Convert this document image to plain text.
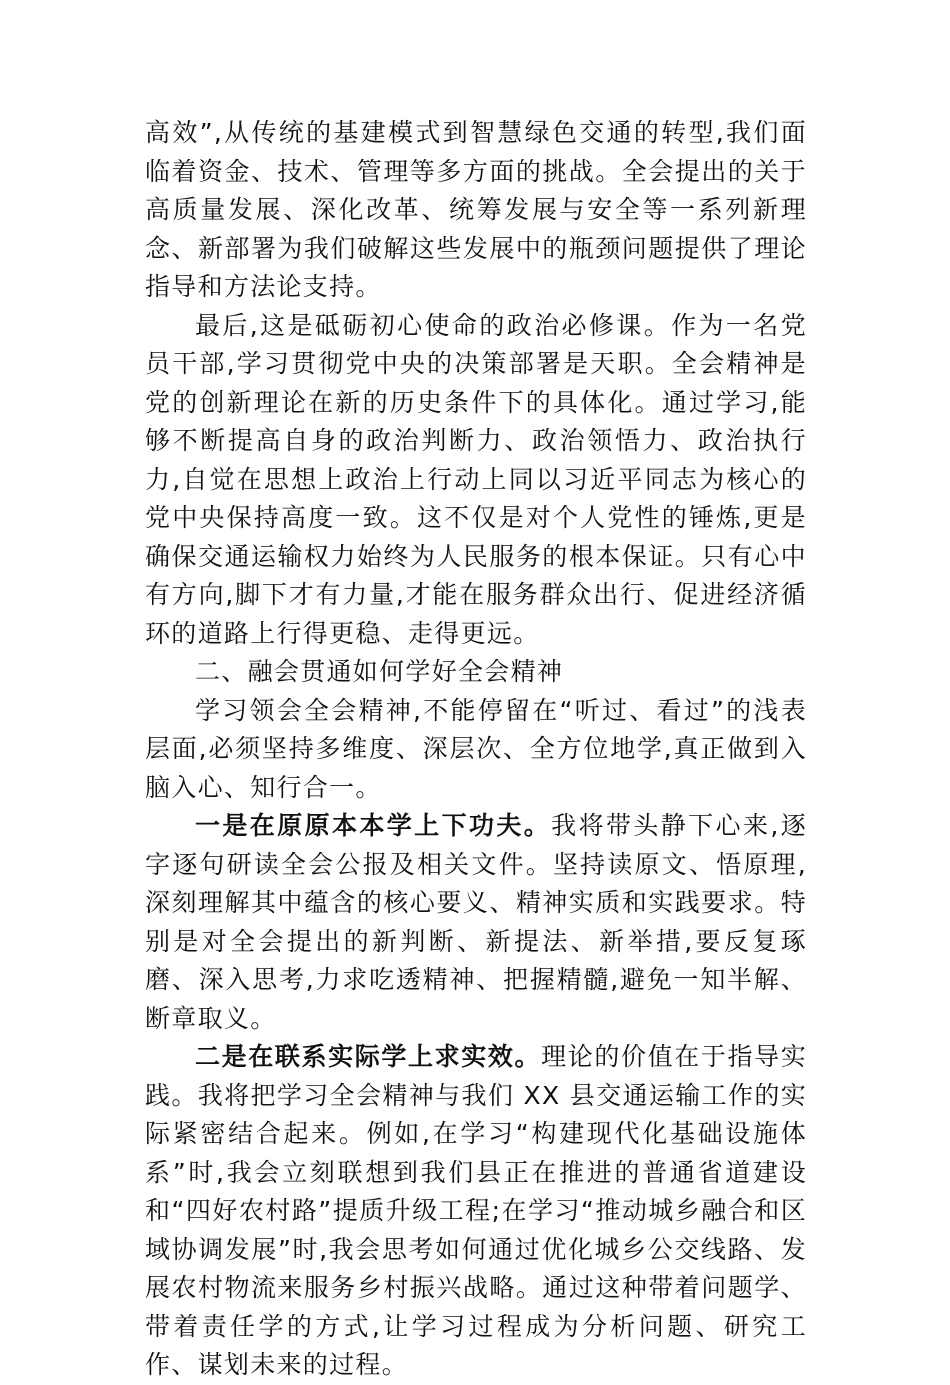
高效”,从传统的基建模式到智慧绿色交通的转型,我们面临着资金、技术、管理等多方面的挑战。全会提出的关于高质量发展、深化改革、统筹发展与安全等一系列新理念、新部署为我们破解这些发展中的瓶颈问题提供了理论指导和方法论支持。

最后,这是砥砺初心使命的政治必修课。作为一名党员干部,学习贯彻党中央的决策部署是天职。全会精神是党的创新理论在新的历史条件下的具体化。通过学习,能够不断提高自身的政治判断力、政治领悟力、政治执行力,自觉在思想上政治上行动上同以习近平同志为核心的党中央保持高度一致。这不仅是对个人党性的锤炼,更是确保交通运输权力始终为人民服务的根本保证。只有心中有方向,脚下才有力量,才能在服务群众出行、促进经济循环的道路上行得更稳、走得更远。

二、融会贯通如何学好全会精神

学习领会全会精神,不能停留在“听过、看过”的浅表层面,必须坚持多维度、深层次、全方位地学,真正做到入脑入心、知行合一。

一是在原原本本学上下功夫。我将带头静下心来,逐字逐句研读全会公报及相关文件。坚持读原文、悟原理,深刻理解其中蕴含的核心要义、精神实质和实践要求。特别是对全会提出的新判断、新提法、新举措,要反复琢磨、深入思考,力求吃透精神、把握精髓,避免一知半解、断章取义。

二是在联系实际学上求实效。理论的价值在于指导实践。我将把学习全会精神与我们 XX 县交通运输工作的实际紧密结合起来。例如,在学习“构建现代化基础设施体系”时,我会立刻联想到我们县正在推进的普通省道建设和“四好农村路”提质升级工程;在学习“推动城乡融合和区域协调发展”时,我会思考如何通过优化城乡公交线路、发展农村物流来服务乡村振兴战略。通过这种带着问题学、带着责任学的方式,让学习过程成为分析问题、研究工作、谋划未来的过程。
